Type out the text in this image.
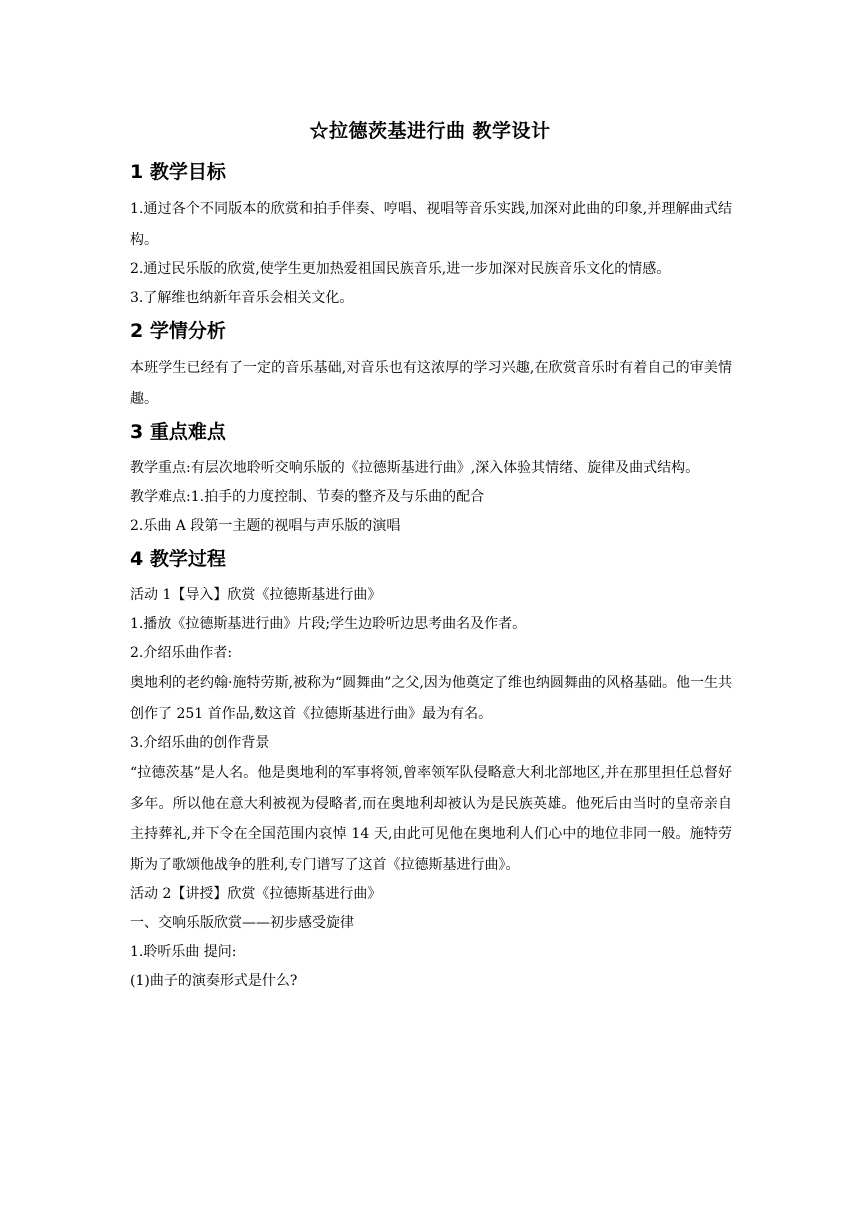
☆拉德茨基进行曲 教学设计
1 教学目标

1.通过各个不同版本的欣赏和拍手伴奏、哼唱、视唱等音乐实践,加深对此曲的印象,并理解曲式结构。

2.通过民乐版的欣赏,使学生更加热爱祖国民族音乐,进一步加深对民族音乐文化的情感。

3.了解维也纳新年音乐会相关文化。

2 学情分析

本班学生已经有了一定的音乐基础,对音乐也有这浓厚的学习兴趣,在欣赏音乐时有着自己的审美情趣。

3 重点难点

教学重点:有层次地聆听交响乐版的《拉德斯基进行曲》,深入体验其情绪、旋律及曲式结构。

教学难点:1.拍手的力度控制、节奏的整齐及与乐曲的配合

2.乐曲 A 段第一主题的视唱与声乐版的演唱

4 教学过程

活动 1【导入】欣赏《拉德斯基进行曲》

1.播放《拉德斯基进行曲》片段;学生边聆听边思考曲名及作者。

2.介绍乐曲作者:

奥地利的老约翰·施特劳斯,被称为“圆舞曲”之父,因为他奠定了维也纳圆舞曲的风格基础。他一生共创作了 251 首作品,数这首《拉德斯基进行曲》最为有名。

3.介绍乐曲的创作背景

“拉德茨基”是人名。他是奥地利的军事将领,曾率领军队侵略意大利北部地区,并在那里担任总督好多年。所以他在意大利被视为侵略者,而在奥地利却被认为是民族英雄。他死后由当时的皇帝亲自主持葬礼,并下令在全国范围内哀悼 14 天,由此可见他在奥地利人们心中的地位非同一般。施特劳斯为了歌颂他战争的胜利,专门谱写了这首《拉德斯基进行曲》。

活动 2【讲授】欣赏《拉德斯基进行曲》

一、交响乐版欣赏——初步感受旋律

1.聆听乐曲 提问:

(1)曲子的演奏形式是什么?
